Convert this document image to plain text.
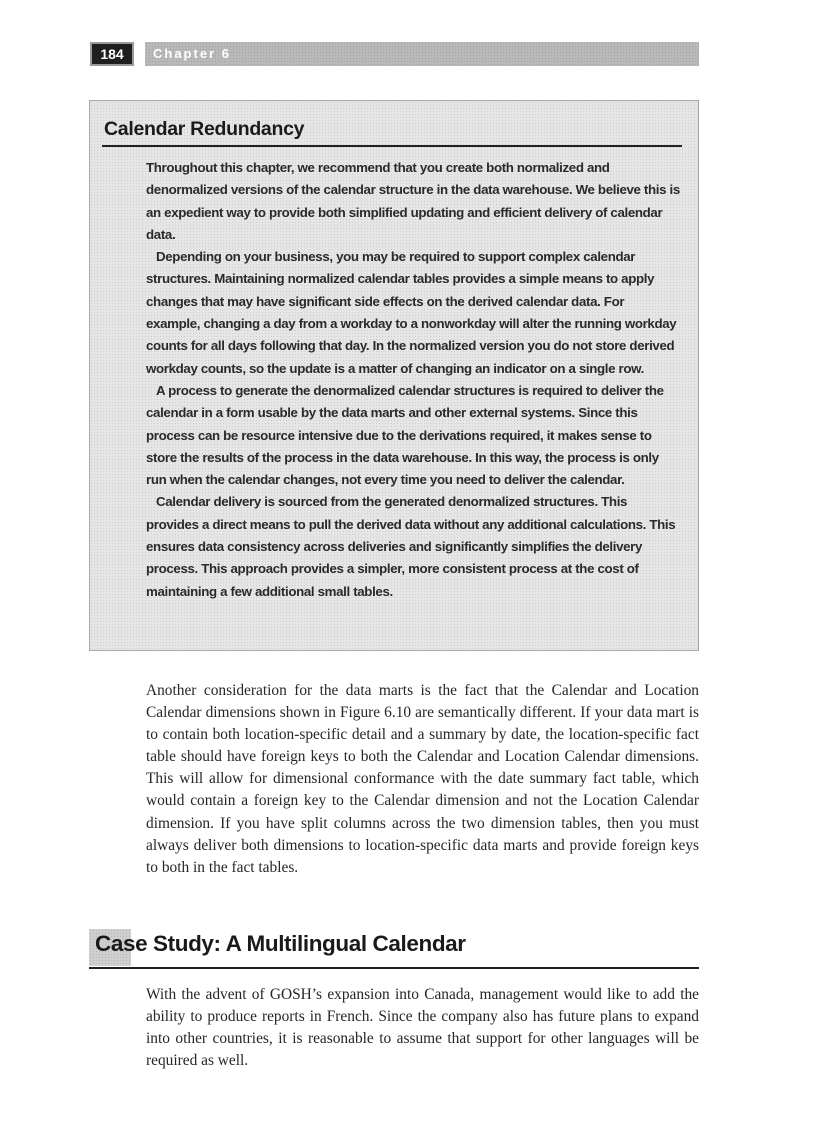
184	Chapter 6
Calendar Redundancy

Throughout this chapter, we recommend that you create both normalized and denormalized versions of the calendar structure in the data warehouse. We believe this is an expedient way to provide both simplified updating and efficient delivery of calendar data.

Depending on your business, you may be required to support complex calendar structures. Maintaining normalized calendar tables provides a simple means to apply changes that may have significant side effects on the derived calendar data. For example, changing a day from a workday to a nonworkday will alter the running workday counts for all days following that day. In the normalized version you do not store derived workday counts, so the update is a matter of changing an indicator on a single row.

A process to generate the denormalized calendar structures is required to deliver the calendar in a form usable by the data marts and other external systems. Since this process can be resource intensive due to the derivations required, it makes sense to store the results of the process in the data warehouse. In this way, the process is only run when the calendar changes, not every time you need to deliver the calendar.

Calendar delivery is sourced from the generated denormalized structures. This provides a direct means to pull the derived data without any additional calculations. This ensures data consistency across deliveries and significantly simplifies the delivery process. This approach provides a simpler, more consistent process at the cost of maintaining a few additional small tables.

Another consideration for the data marts is the fact that the Calendar and Location Calendar dimensions shown in Figure 6.10 are semantically different. If your data mart is to contain both location-specific detail and a summary by date, the location-specific fact table should have foreign keys to both the Calendar and Location Calendar dimensions. This will allow for dimensional conformance with the date summary fact table, which would contain a foreign key to the Calendar dimension and not the Location Calendar dimension. If you have split columns across the two dimension tables, then you must always deliver both dimensions to location-specific data marts and provide foreign keys to both in the fact tables.

Case Study: A Multilingual Calendar

With the advent of GOSH’s expansion into Canada, management would like to add the ability to produce reports in French. Since the company also has future plans to expand into other countries, it is reasonable to assume that support for other languages will be required as well.
